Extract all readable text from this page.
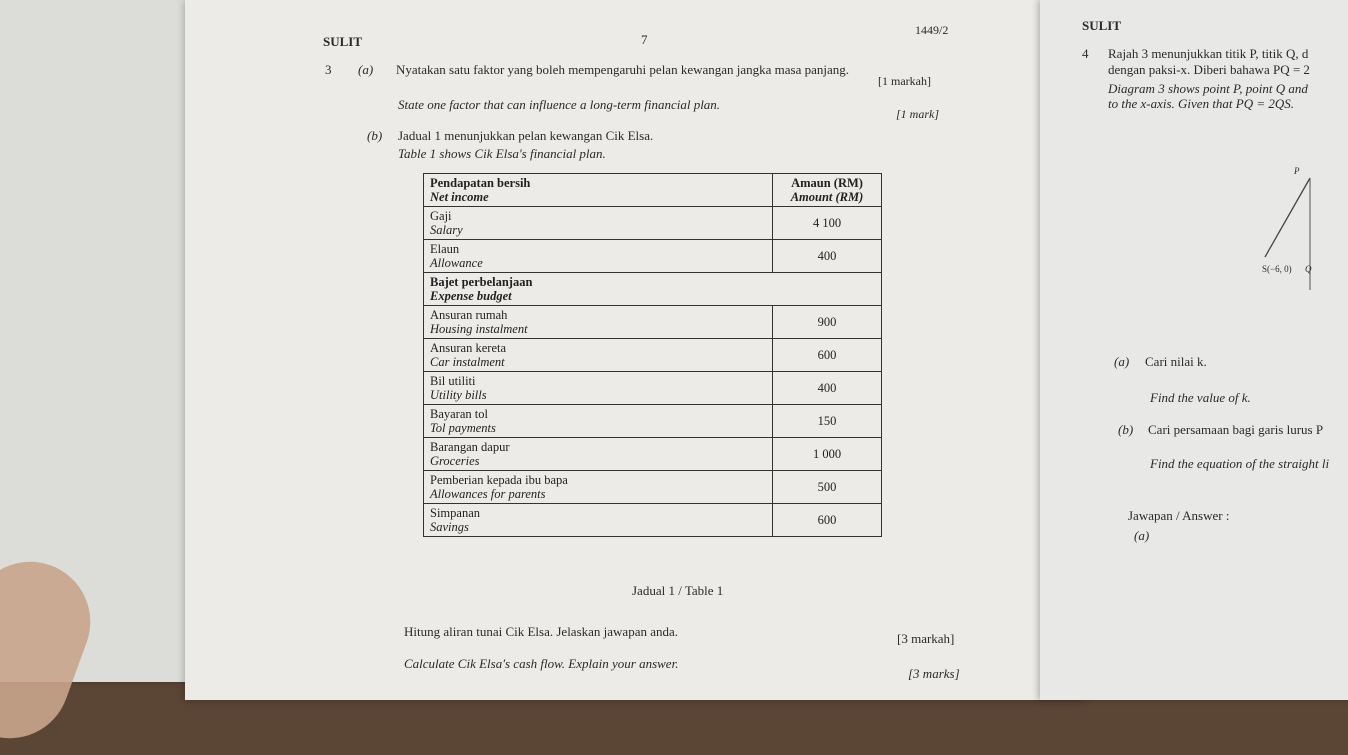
SULIT	7
1449/2
3 (a) Nyatakan satu faktor yang boleh mempengaruhi pelan kewangan jangka masa panjang.
[1 markah]
State one factor that can influence a long-term financial plan.
[1 mark]
(b) Jadual 1 menunjukkan pelan kewangan Cik Elsa.
Table 1 shows Cik Elsa's financial plan.
Pendapatan bersih
Net income	Amaun (RM)
Amount (RM)

Gaji
Salary	4 100

Elaun
Allowance	400

Bajet perbelanjaan
Expense budget	

Ansuran rumah
Housing instalment	900

Ansuran kereta
Car instalment	600

Bil utiliti
Utility bills	400

Bayaran tol
Tol payments	150

Barangan dapur
Groceries	1 000

Pemberian kepada ibu bapa
Allowances for parents	500

Simpanan
Savings	600
Jadual 1 / Table 1
Hitung aliran tunai Cik Elsa. Jelaskan jawapan anda.	[3 markah]
Calculate Cik Elsa's cash flow. Explain your answer.
[3 marks]
SULIT
4 Rajah 3 menunjukkan titik P, titik Q, d
dengan paksi-x. Diberi bahawa PQ = 2
Diagram 3 shows point P, point Q and
to the x-axis. Given that PQ = 2QS.
P
S(−6, 0) Q
(a) Cari nilai k.
Find the value of k.
(b) Cari persamaan bagi garis lurus P
Find the equation of the straight li
Jawapan / Answer :
(a)
